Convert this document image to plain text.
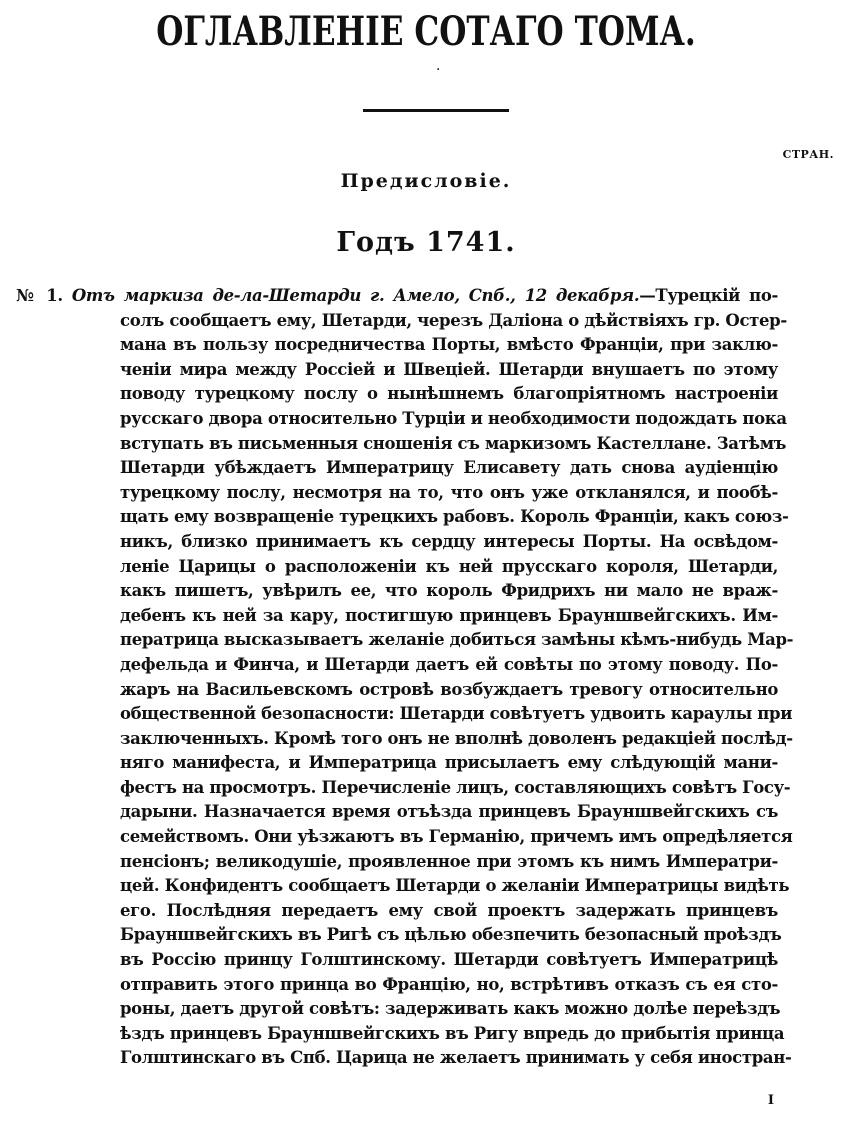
ОГЛАВЛЕНІЕ СОТАГО ТОМА.
·
СТРАН.
Предисловіе.
Годъ 1741.
№ 1. Отъ маркиза де-ла-Шетарди г. Амело, Спб., 12 декабря.—Турецкій по-
солъ сообщаетъ ему, Шетарди, черезъ Даліона о дѣйствіяхъ гр. Остер-
мана въ пользу посредничества Порты, вмѣсто Франціи, при заклю-
ченіи мира между Россіей и Швеціей. Шетарди внушаетъ по этому
поводу турецкому послу о нынѣшнемъ благопріятномъ настроеніи
русскаго двора относительно Турціи и необходимости подождать пока
вступать въ письменныя сношенія съ маркизомъ Кастеллане. Затѣмъ
Шетарди убѣждаетъ Императрицу Елисавету дать снова аудіенцію
турецкому послу, несмотря на то, что онъ уже откланялся, и пообѣ-
щать ему возвращеніе турецкихъ рабовъ. Король Франціи, какъ союз-
никъ, близко принимаетъ къ сердцу интересы Порты. На освѣдом-
леніе Царицы о расположеніи къ ней прусскаго короля, Шетарди,
какъ пишетъ, увѣрилъ ее, что король Фридрихъ ни мало не враж-
дебенъ къ ней за кару, постигшую принцевъ Брауншвейгскихъ. Им-
ператрица высказываетъ желаніе добиться замѣны кѣмъ-нибудь Мар-
дефельда и Финча, и Шетарди даетъ ей совѣты по этому поводу. По-
жаръ на Васильевскомъ островѣ возбуждаетъ тревогу относительно
общественной безопасности: Шетарди совѣтуетъ удвоить караулы при
заключенныхъ. Кромѣ того онъ не вполнѣ доволенъ редакціей послѣд-
няго манифеста, и Императрица присылаетъ ему слѣдующій мани-
фестъ на просмотръ. Перечисленіе лицъ, составляющихъ совѣтъ Госу-
дарыни. Назначается время отъѣзда принцевъ Брауншвейгскихъ съ
семействомъ. Они уѣзжаютъ въ Германію, причемъ имъ опредѣляется
пенсіонъ; великодушіе, проявленное при этомъ къ нимъ Императри-
цей. Конфидентъ сообщаетъ Шетарди о желаніи Императрицы видѣть
его. Послѣдняя передаетъ ему свой проектъ задержать принцевъ
Брауншвейгскихъ въ Ригѣ съ цѣлью обезпечить безопасный проѣздъ
въ Россію принцу Голштинскому. Шетарди совѣтуетъ Императрицѣ
отправить этого принца во Францію, но, встрѣтивъ отказъ съ ея сто-
роны, даетъ другой совѣтъ: задерживать какъ можно долѣе переѣздъ
ѣздъ принцевъ Брауншвейгскихъ въ Ригу впредь до прибытія принца
Голштинскаго въ Спб. Царица не желаетъ принимать у себя иностран-
I
